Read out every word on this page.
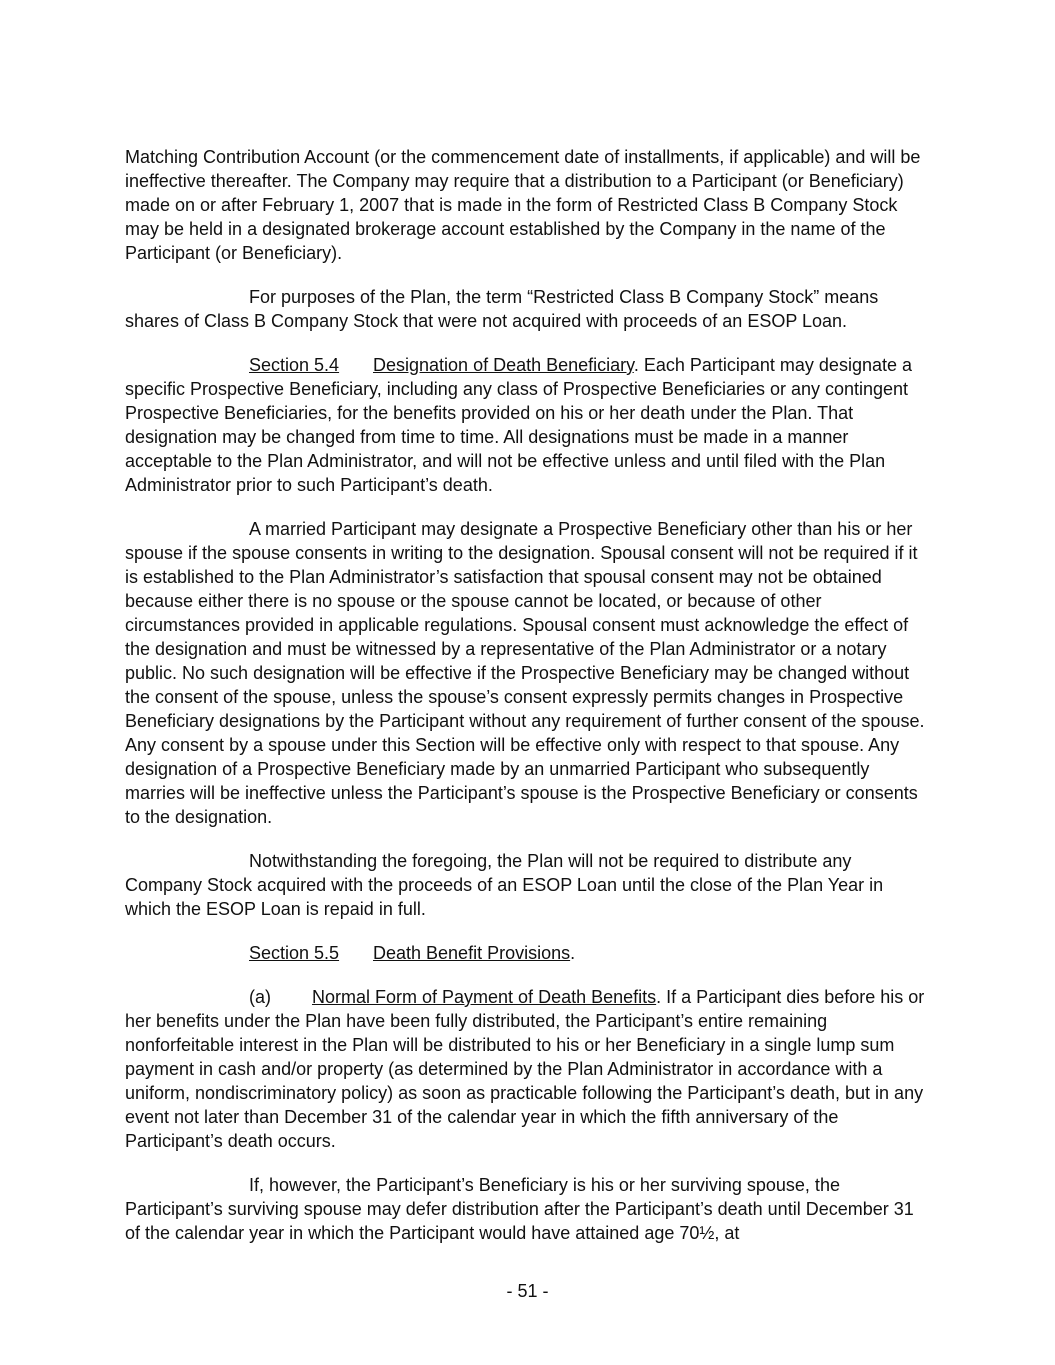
Matching Contribution Account (or the commencement date of installments, if applicable) and will be ineffective thereafter. The Company may require that a distribution to a Participant (or Beneficiary) made on or after February 1, 2007 that is made in the form of Restricted Class B Company Stock may be held in a designated brokerage account established by the Company in the name of the Participant (or Beneficiary).

For purposes of the Plan, the term “Restricted Class B Company Stock” means shares of Class B Company Stock that were not acquired with proceeds of an ESOP Loan.

Section 5.4 Designation of Death Beneficiary. Each Participant may designate a specific Prospective Beneficiary, including any class of Prospective Beneficiaries or any contingent Prospective Beneficiaries, for the benefits provided on his or her death under the Plan. That designation may be changed from time to time. All designations must be made in a manner acceptable to the Plan Administrator, and will not be effective unless and until filed with the Plan Administrator prior to such Participant’s death.

A married Participant may designate a Prospective Beneficiary other than his or her spouse if the spouse consents in writing to the designation. Spousal consent will not be required if it is established to the Plan Administrator’s satisfaction that spousal consent may not be obtained because either there is no spouse or the spouse cannot be located, or because of other circumstances provided in applicable regulations. Spousal consent must acknowledge the effect of the designation and must be witnessed by a representative of the Plan Administrator or a notary public. No such designation will be effective if the Prospective Beneficiary may be changed without the consent of the spouse, unless the spouse’s consent expressly permits changes in Prospective Beneficiary designations by the Participant without any requirement of further consent of the spouse. Any consent by a spouse under this Section will be effective only with respect to that spouse. Any designation of a Prospective Beneficiary made by an unmarried Participant who subsequently marries will be ineffective unless the Participant’s spouse is the Prospective Beneficiary or consents to the designation.

Notwithstanding the foregoing, the Plan will not be required to distribute any Company Stock acquired with the proceeds of an ESOP Loan until the close of the Plan Year in which the ESOP Loan is repaid in full.

Section 5.5 Death Benefit Provisions.

(a) Normal Form of Payment of Death Benefits. If a Participant dies before his or her benefits under the Plan have been fully distributed, the Participant’s entire remaining nonforfeitable interest in the Plan will be distributed to his or her Beneficiary in a single lump sum payment in cash and/or property (as determined by the Plan Administrator in accordance with a uniform, nondiscriminatory policy) as soon as practicable following the Participant’s death, but in any event not later than December 31 of the calendar year in which the fifth anniversary of the Participant’s death occurs.

If, however, the Participant’s Beneficiary is his or her surviving spouse, the Participant’s surviving spouse may defer distribution after the Participant’s death until December 31 of the calendar year in which the Participant would have attained age 70½, at

- 51 -
